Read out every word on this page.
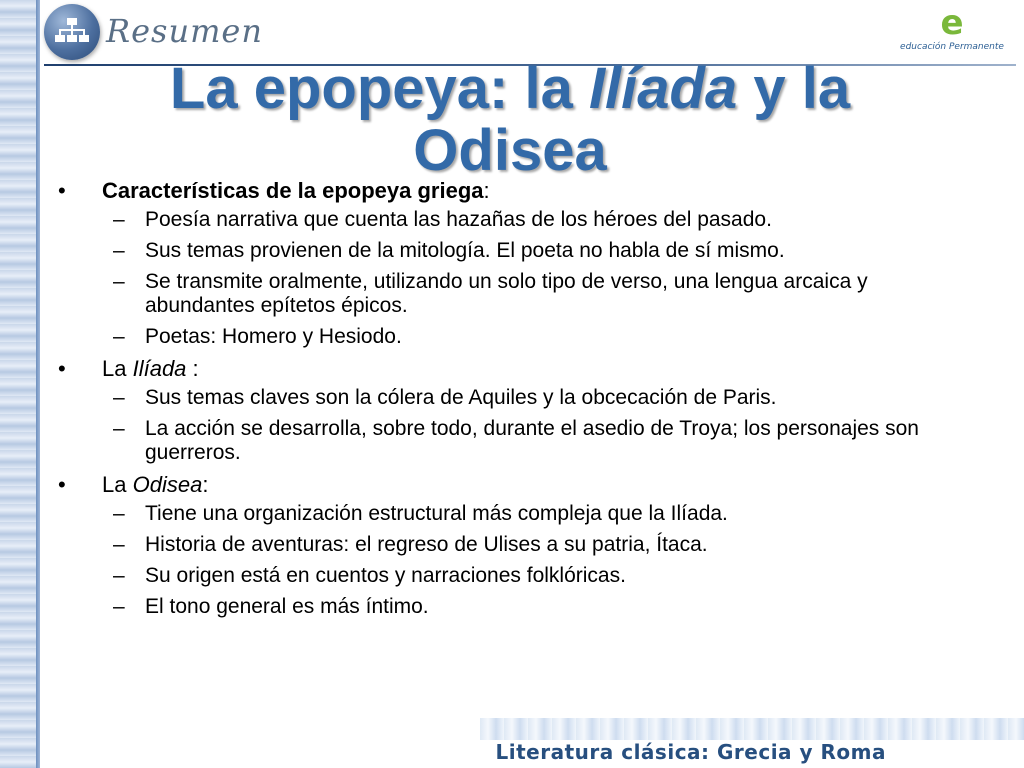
Resumen	e
educación Permanente
La epopeya: la Ilíada y la
Odisea
•	Características de la epopeya griega:
– Poesía narrativa que cuenta las hazañas de los héroes del pasado.
– Sus temas provienen de la mitología. El poeta no habla de sí mismo.
– Se transmite oralmente, utilizando un solo tipo de verso, una lengua arcaica y abundantes epítetos épicos.
– Poetas: Homero y Hesiodo.
•	La Ilíada :
– Sus temas claves son la cólera de Aquiles y la obcecación de Paris.
– La acción se desarrolla, sobre todo, durante el asedio de Troya; los personajes son guerreros.
•	La Odisea:
– Tiene una organización estructural más compleja que la Ilíada.
– Historia de aventuras: el regreso de Ulises a su patria, Ítaca.
– Su origen está en cuentos y narraciones folklóricas.
– El tono general es más íntimo.
Literatura clásica: Grecia y Roma
